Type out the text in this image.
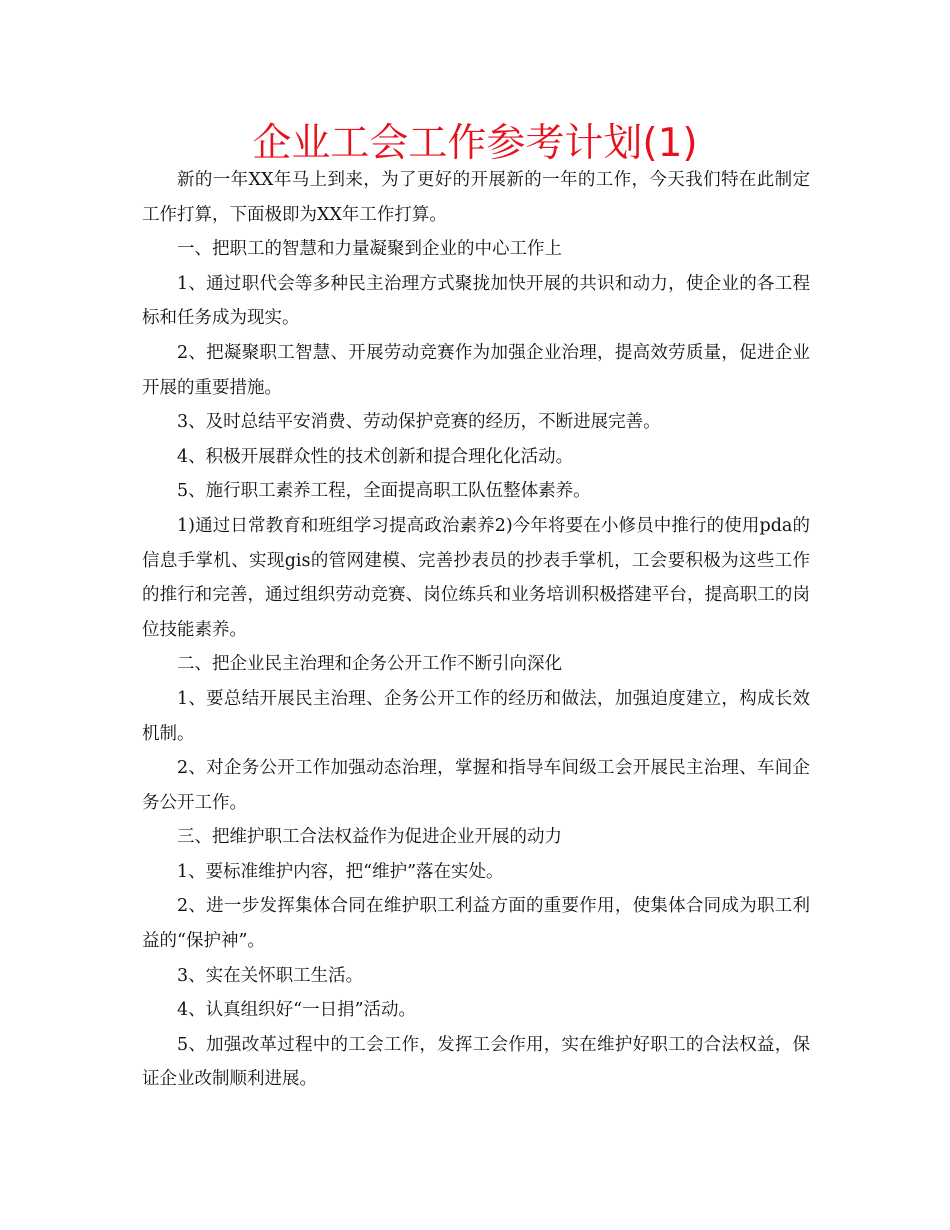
企业工会工作参考计划(1)

新的一年XX年马上到来，为了更好的开展新的一年的工作，今天我们特在此制定工作打算，下面极即为XX年工作打算。

一、把职工的智慧和力量凝聚到企业的中心工作上

1、通过职代会等多种民主治理方式聚拢加快开展的共识和动力，使企业的各工程标和任务成为现实。

2、把凝聚职工智慧、开展劳动竞赛作为加强企业治理，提高效劳质量，促进企业开展的重要措施。

3、及时总结平安消费、劳动保护竞赛的经历，不断进展完善。

4、积极开展群众性的技术创新和提合理化化活动。

5、施行职工素养工程，全面提高职工队伍整体素养。

1)通过日常教育和班组学习提高政治素养2)今年将要在小修员中推行的使用pda的信息手掌机、实现gis的管网建模、完善抄表员的抄表手掌机，工会要积极为这些工作的推行和完善，通过组织劳动竞赛、岗位练兵和业务培训积极搭建平台，提高职工的岗位技能素养。

二、把企业民主治理和企务公开工作不断引向深化

1、要总结开展民主治理、企务公开工作的经历和做法，加强迫度建立，构成长效机制。

2、对企务公开工作加强动态治理，掌握和指导车间级工会开展民主治理、车间企务公开工作。

三、把维护职工合法权益作为促进企业开展的动力

1、要标准维护内容，把“维护”落在实处。

2、进一步发挥集体合同在维护职工利益方面的重要作用，使集体合同成为职工利益的“保护神”。

3、实在关怀职工生活。

4、认真组织好“一日捐”活动。

5、加强改革过程中的工会工作，发挥工会作用，实在维护好职工的合法权益，保证企业改制顺利进展。
